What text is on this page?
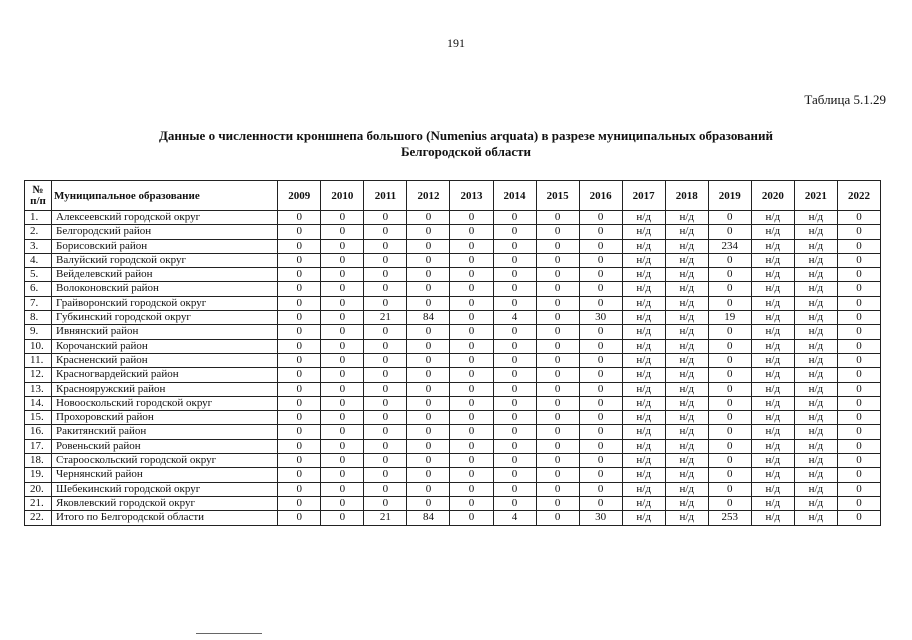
191
Таблица 5.1.29
Данные о численности кроншнепа большого (Numenius arquata) в разрезе муниципальных образований
Белгородской области
№ п/п	Муниципальное образование	2009	2010	2011	2012	2013	2014	2015	2016	2017	2018	2019	2020	2021	2022
1.	Алексеевский городской округ	0	0	0	0	0	0	0	0	н/д	н/д	0	н/д	н/д	0
2.	Белгородский район	0	0	0	0	0	0	0	0	н/д	н/д	0	н/д	н/д	0
3.	Борисовский район	0	0	0	0	0	0	0	0	н/д	н/д	234	н/д	н/д	0
4.	Валуйский городской округ	0	0	0	0	0	0	0	0	н/д	н/д	0	н/д	н/д	0
5.	Вейделевский район	0	0	0	0	0	0	0	0	н/д	н/д	0	н/д	н/д	0
6.	Волоконовский район	0	0	0	0	0	0	0	0	н/д	н/д	0	н/д	н/д	0
7.	Грайворонский городской округ	0	0	0	0	0	0	0	0	н/д	н/д	0	н/д	н/д	0
8.	Губкинский городской округ	0	0	21	84	0	4	0	30	н/д	н/д	19	н/д	н/д	0
9.	Ивнянский район	0	0	0	0	0	0	0	0	н/д	н/д	0	н/д	н/д	0
10.	Корочанский район	0	0	0	0	0	0	0	0	н/д	н/д	0	н/д	н/д	0
11.	Красненский район	0	0	0	0	0	0	0	0	н/д	н/д	0	н/д	н/д	0
12.	Красногвардейский район	0	0	0	0	0	0	0	0	н/д	н/д	0	н/д	н/д	0
13.	Краснояружский район	0	0	0	0	0	0	0	0	н/д	н/д	0	н/д	н/д	0
14.	Новооскольский городской округ	0	0	0	0	0	0	0	0	н/д	н/д	0	н/д	н/д	0
15.	Прохоровский район	0	0	0	0	0	0	0	0	н/д	н/д	0	н/д	н/д	0
16.	Ракитянский район	0	0	0	0	0	0	0	0	н/д	н/д	0	н/д	н/д	0
17.	Ровеньский район	0	0	0	0	0	0	0	0	н/д	н/д	0	н/д	н/д	0
18.	Старооскольский городской округ	0	0	0	0	0	0	0	0	н/д	н/д	0	н/д	н/д	0
19.	Чернянский район	0	0	0	0	0	0	0	0	н/д	н/д	0	н/д	н/д	0
20.	Шебекинский городской округ	0	0	0	0	0	0	0	0	н/д	н/д	0	н/д	н/д	0
21.	Яковлевский городской округ	0	0	0	0	0	0	0	0	н/д	н/д	0	н/д	н/д	0
22.	Итого по Белгородской области	0	0	21	84	0	4	0	30	н/д	н/д	253	н/д	н/д	0
